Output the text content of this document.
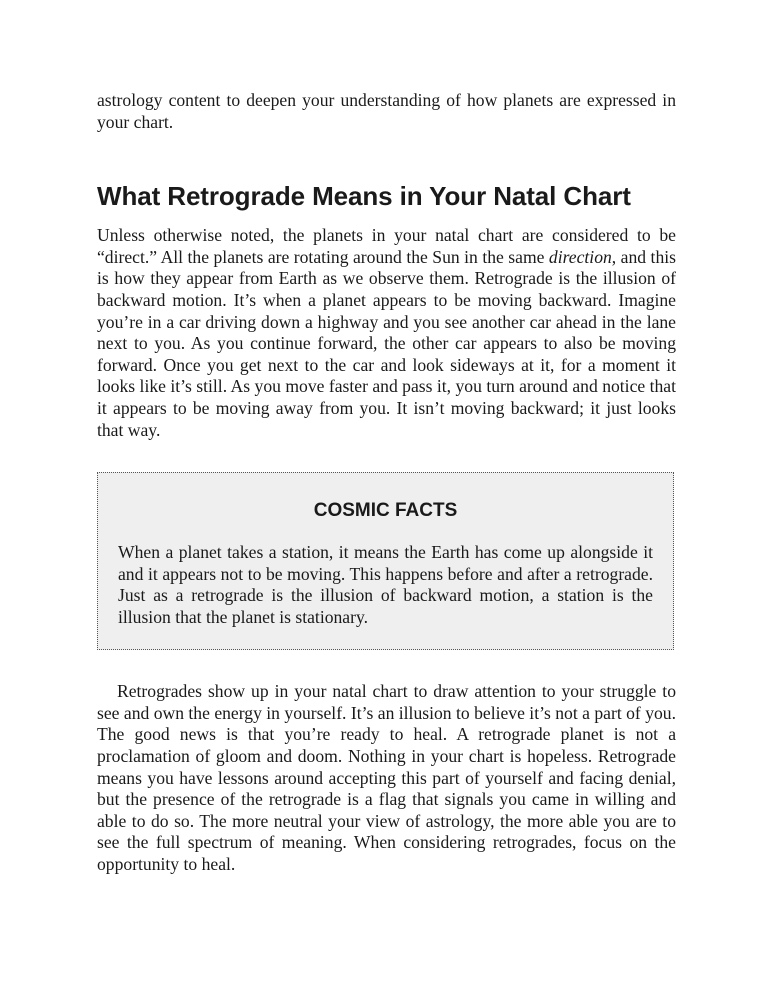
astrology content to deepen your understanding of how planets are expressed in your chart.

What Retrograde Means in Your Natal Chart

Unless otherwise noted, the planets in your natal chart are considered to be “direct.” All the planets are rotating around the Sun in the same direction, and this is how they appear from Earth as we observe them. Retrograde is the illusion of backward motion. It’s when a planet appears to be moving backward. Imagine you’re in a car driving down a highway and you see another car ahead in the lane next to you. As you continue forward, the other car appears to also be moving forward. Once you get next to the car and look sideways at it, for a moment it looks like it’s still. As you move faster and pass it, you turn around and notice that it appears to be moving away from you. It isn’t moving backward; it just looks that way.

COSMIC FACTS

When a planet takes a station, it means the Earth has come up alongside it and it appears not to be moving. This happens before and after a retrograde. Just as a retrograde is the illusion of backward motion, a station is the illusion that the planet is stationary.

Retrogrades show up in your natal chart to draw attention to your struggle to see and own the energy in yourself. It’s an illusion to believe it’s not a part of you. The good news is that you’re ready to heal. A retrograde planet is not a proclamation of gloom and doom. Nothing in your chart is hopeless. Retrograde means you have lessons around accepting this part of yourself and facing denial, but the presence of the retrograde is a flag that signals you came in willing and able to do so. The more neutral your view of astrology, the more able you are to see the full spectrum of meaning. When considering retrogrades, focus on the opportunity to heal.
